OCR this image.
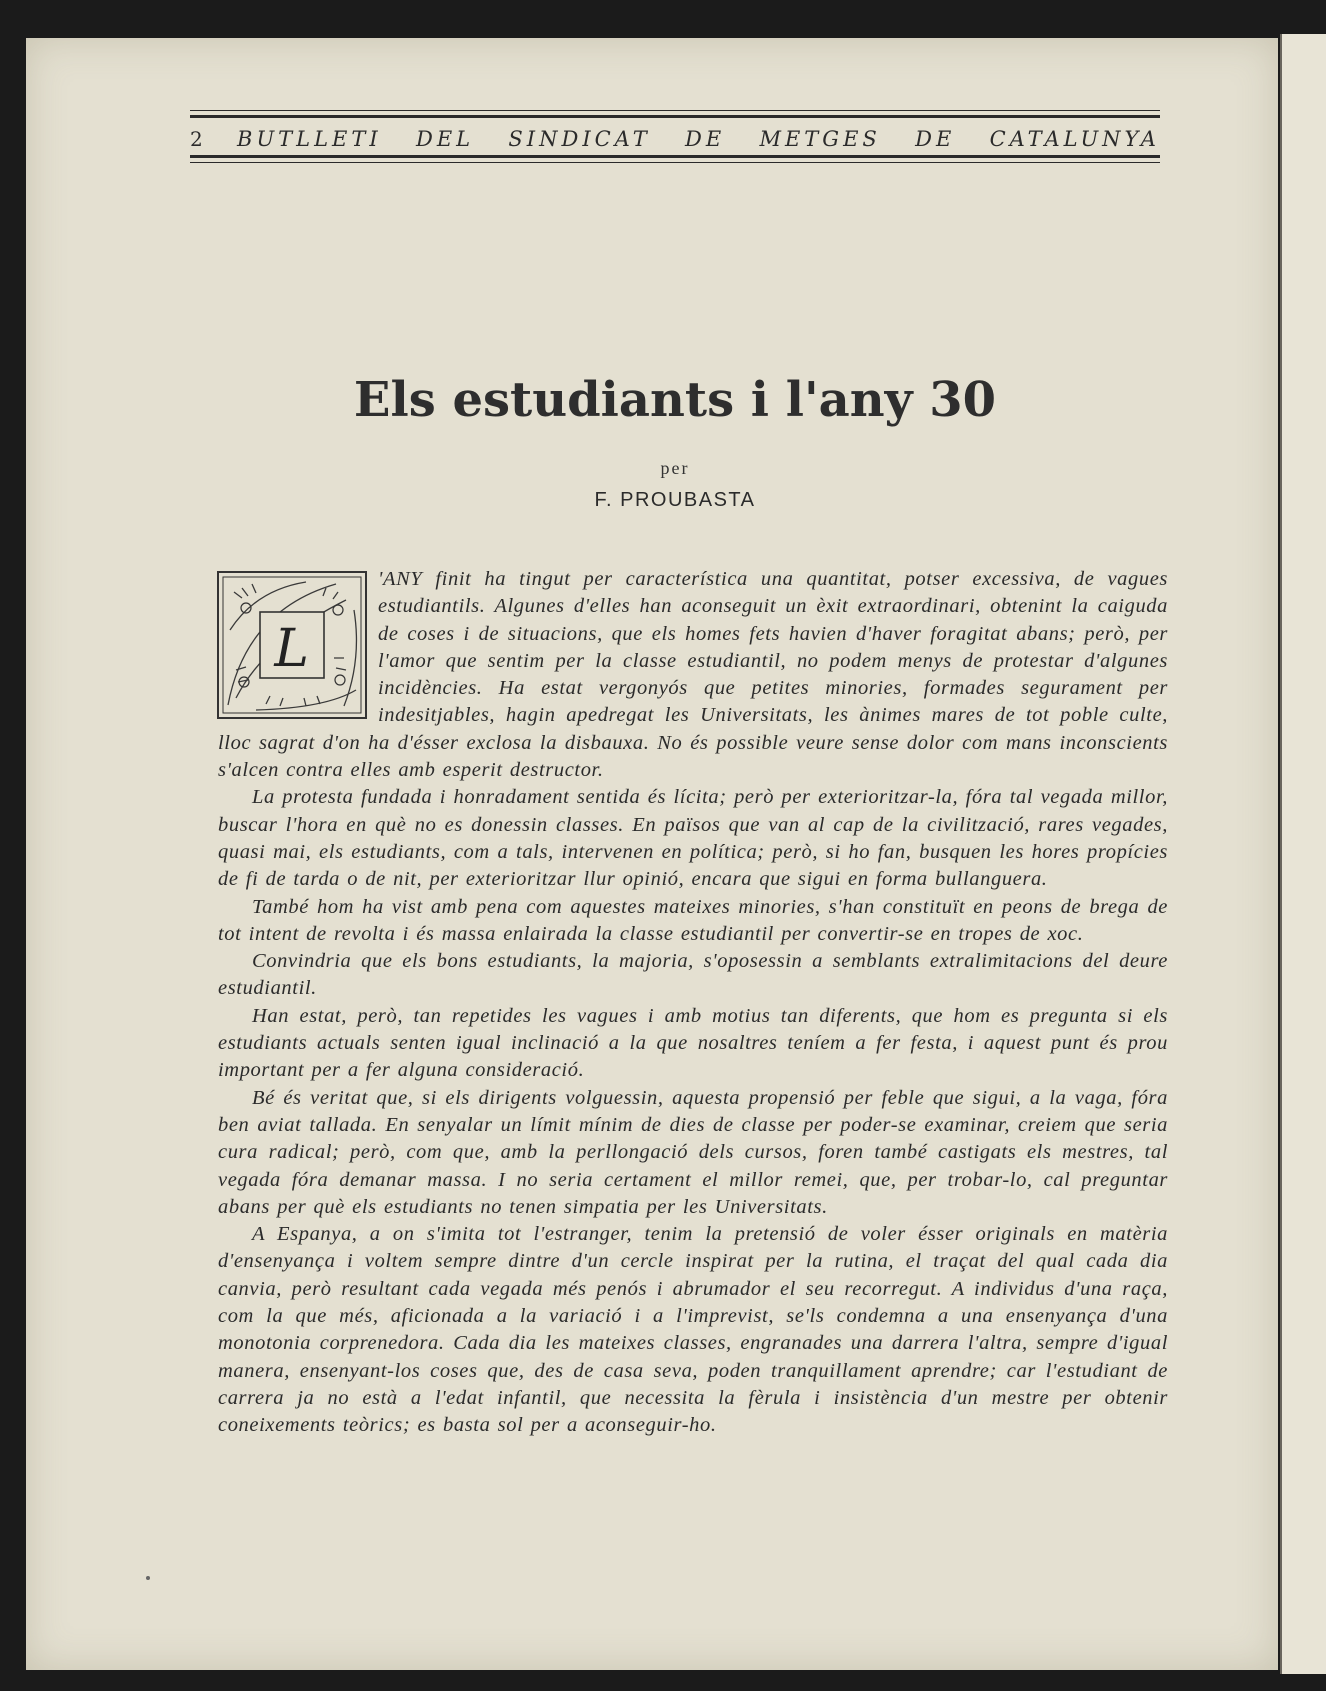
2 BUTLLETI DEL SINDICAT DE METGES DE CATALUNYA
Els estudiants i l'any 30
per
F. PROUBASTA
L

'ANY finit ha tingut per característica una quantitat, potser excessiva, de vagues estudiantils. Algunes d'elles han aconseguit un èxit extraordinari, obtenint la caiguda de coses i de situacions, que els homes fets havien d'haver foragitat abans; però, per l'amor que sentim per la classe estudiantil, no podem menys de protestar d'algunes incidències. Ha estat vergonyós que petites minories, formades segurament per indesitjables, hagin apedregat les Universitats, les ànimes mares de tot poble culte, lloc sagrat d'on ha d'ésser exclosa la disbauxa. No és possible veure sense dolor com mans inconscients s'alcen contra elles amb esperit destructor.

La protesta fundada i honradament sentida és lícita; però per exterioritzar-la, fóra tal vegada millor, buscar l'hora en què no es donessin classes. En països que van al cap de la civilització, rares vegades, quasi mai, els estudiants, com a tals, intervenen en política; però, si ho fan, busquen les hores propícies de fi de tarda o de nit, per exterioritzar llur opinió, encara que sigui en forma bullanguera.

També hom ha vist amb pena com aquestes mateixes minories, s'han constituït en peons de brega de tot intent de revolta i és massa enlairada la classe estudiantil per convertir-se en tropes de xoc.

Convindria que els bons estudiants, la majoria, s'oposessin a semblants extralimitacions del deure estudiantil.

Han estat, però, tan repetides les vagues i amb motius tan diferents, que hom es pregunta si els estudiants actuals senten igual inclinació a la que nosaltres teníem a fer festa, i aquest punt és prou important per a fer alguna consideració.

Bé és veritat que, si els dirigents volguessin, aquesta propensió per feble que sigui, a la vaga, fóra ben aviat tallada. En senyalar un límit mínim de dies de classe per poder-se examinar, creiem que seria cura radical; però, com que, amb la perllongació dels cursos, foren també castigats els mestres, tal vegada fóra demanar massa. I no seria certament el millor remei, que, per trobar-lo, cal preguntar abans per què els estudiants no tenen simpatia per les Universitats.

A Espanya, a on s'imita tot l'estranger, tenim la pretensió de voler ésser originals en matèria d'ensenyança i voltem sempre dintre d'un cercle inspirat per la rutina, el traçat del qual cada dia canvia, però resultant cada vegada més penós i abrumador el seu recorregut. A individus d'una raça, com la que més, aficionada a la variació i a l'imprevist, se'ls condemna a una ensenyança d'una monotonia corprenedora. Cada dia les mateixes classes, engranades una darrera l'altra, sempre d'igual manera, ensenyant-los coses que, des de casa seva, poden tranquillament aprendre; car l'estudiant de carrera ja no està a l'edat infantil, que necessita la fèrula i insistència d'un mestre per obtenir coneixements teòrics; es basta sol per a aconseguir-ho.
